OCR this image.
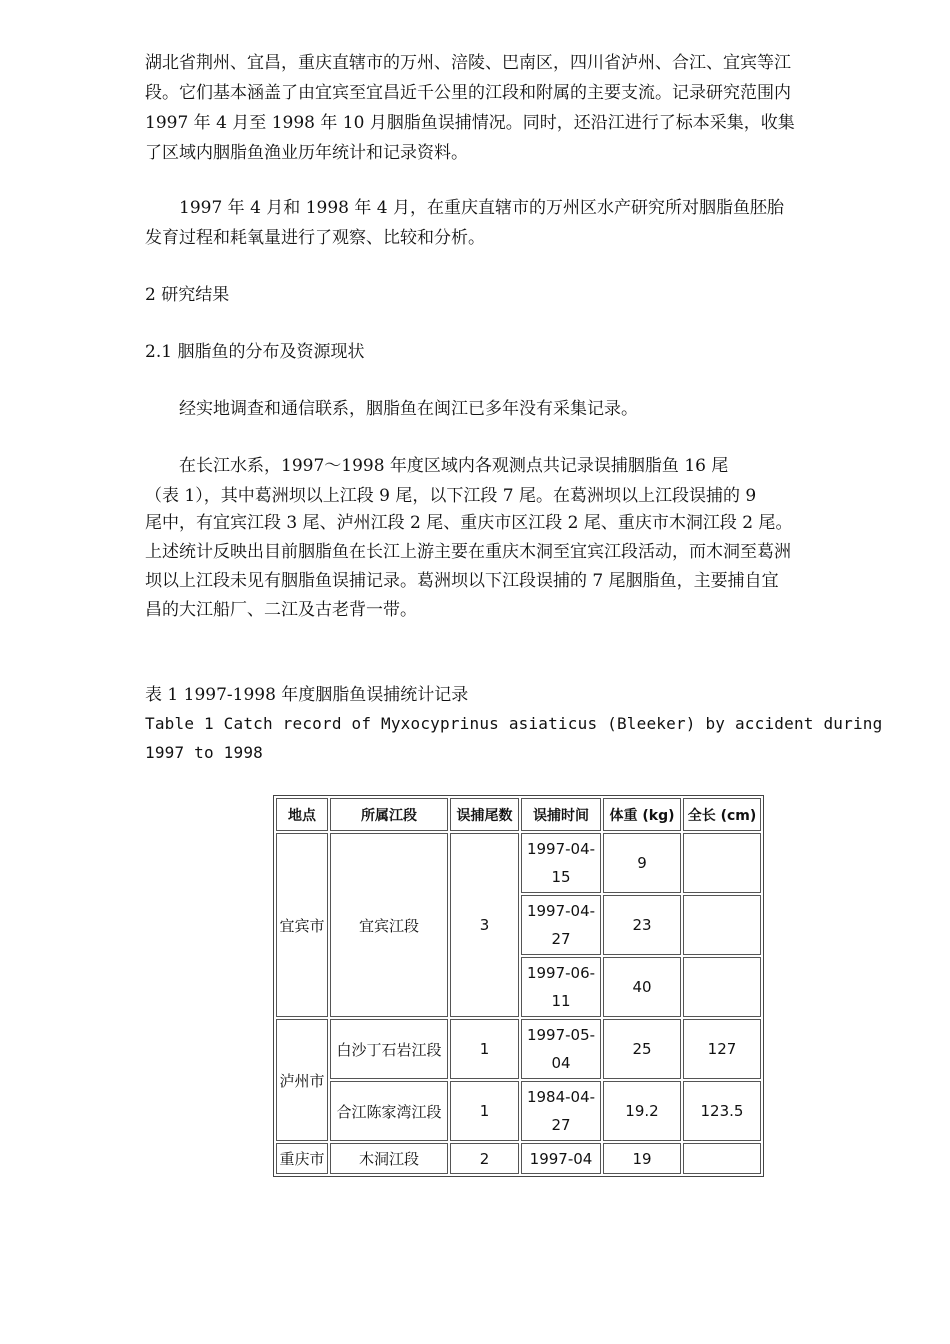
湖北省荆州、宜昌，重庆直辖市的万州、涪陵、巴南区，四川省泸州、合江、宜宾等江
段。它们基本涵盖了由宜宾至宜昌近千公里的江段和附属的主要支流。记录研究范围内
1997 年 4 月至 1998 年 10 月胭脂鱼误捕情况。同时，还沿江进行了标本采集，收集
了区域内胭脂鱼渔业历年统计和记录资料。
　　1997 年 4 月和 1998 年 4 月，在重庆直辖市的万州区水产研究所对胭脂鱼胚胎
发育过程和耗氧量进行了观察、比较和分析。
2 研究结果
2.1 胭脂鱼的分布及资源现状
　　经实地调查和通信联系，胭脂鱼在闽江已多年没有采集记录。
　　在长江水系，1997～1998 年度区域内各观测点共记录误捕胭脂鱼 16 尾
（表 1），其中葛洲坝以上江段 9 尾，以下江段 7 尾。在葛洲坝以上江段误捕的 9
尾中，有宜宾江段 3 尾、泸州江段 2 尾、重庆市区江段 2 尾、重庆市木洞江段 2 尾。
上述统计反映出目前胭脂鱼在长江上游主要在重庆木洞至宜宾江段活动，而木洞至葛洲
坝以上江段未见有胭脂鱼误捕记录。葛洲坝以下江段误捕的 7 尾胭脂鱼，主要捕自宜
昌的大江船厂、二江及古老背一带。
表 1 1997-1998 年度胭脂鱼误捕统计记录
Table 1 Catch record of Myxocyprinus asiaticus (Bleeker) by accident during
1997 to 1998
地点	所属江段	误捕尾数	误捕时间	体重 (kg)	全长 (cm)
宜宾市	宜宾江段	3	1997-04-15	9	
			1997-04-27	23	
			1997-06-11	40	
泸州市	白沙丁石岩江段	1	1997-05-04	25	127
	合江陈家湾江段	1	1984-04-27	19.2	123.5
重庆市	木洞江段	2	1997-04	19	
